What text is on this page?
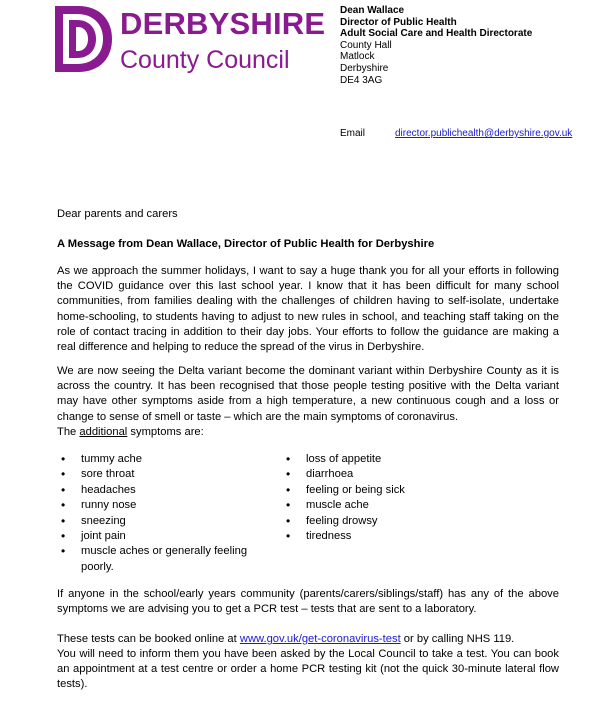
DERBYSHIRE
County Council
Dean Wallace
Director of Public Health
Adult Social Care and Health Directorate
County Hall
Matlock
Derbyshire
DE4 3AG
Email	director.publichealth@derbyshire.gov.uk
Dear parents and carers
A Message from Dean Wallace, Director of Public Health for Derbyshire
As we approach the summer holidays, I want to say a huge thank you for all your efforts in following the COVID guidance over this last school year. I know that it has been difficult for many school communities, from families dealing with the challenges of children having to self-isolate, undertake home-schooling, to students having to adjust to new rules in school, and teaching staff taking on the role of contact tracing in addition to their day jobs. Your efforts to follow the guidance are making a real difference and helping to reduce the spread of the virus in Derbyshire.
We are now seeing the Delta variant become the dominant variant within Derbyshire County as it is across the country. It has been recognised that those people testing positive with the Delta variant may have other symptoms aside from a high temperature, a new continuous cough and a loss or change to sense of smell or taste – which are the main symptoms of coronavirus.
The additional symptoms are:
• tummy ache
• sore throat
• headaches
• runny nose
• sneezing
• joint pain
• muscle aches or generally feeling poorly.
• loss of appetite
• diarrhoea
• feeling or being sick
• muscle ache
• feeling drowsy
• tiredness
If anyone in the school/early years community (parents/carers/siblings/staff) has any of the above symptoms we are advising you to get a PCR test – tests that are sent to a laboratory.
These tests can be booked online at www.gov.uk/get-coronavirus-test or by calling NHS 119.
You will need to inform them you have been asked by the Local Council to take a test. You can book an appointment at a test centre or order a home PCR testing kit (not the quick 30-minute lateral flow tests).
